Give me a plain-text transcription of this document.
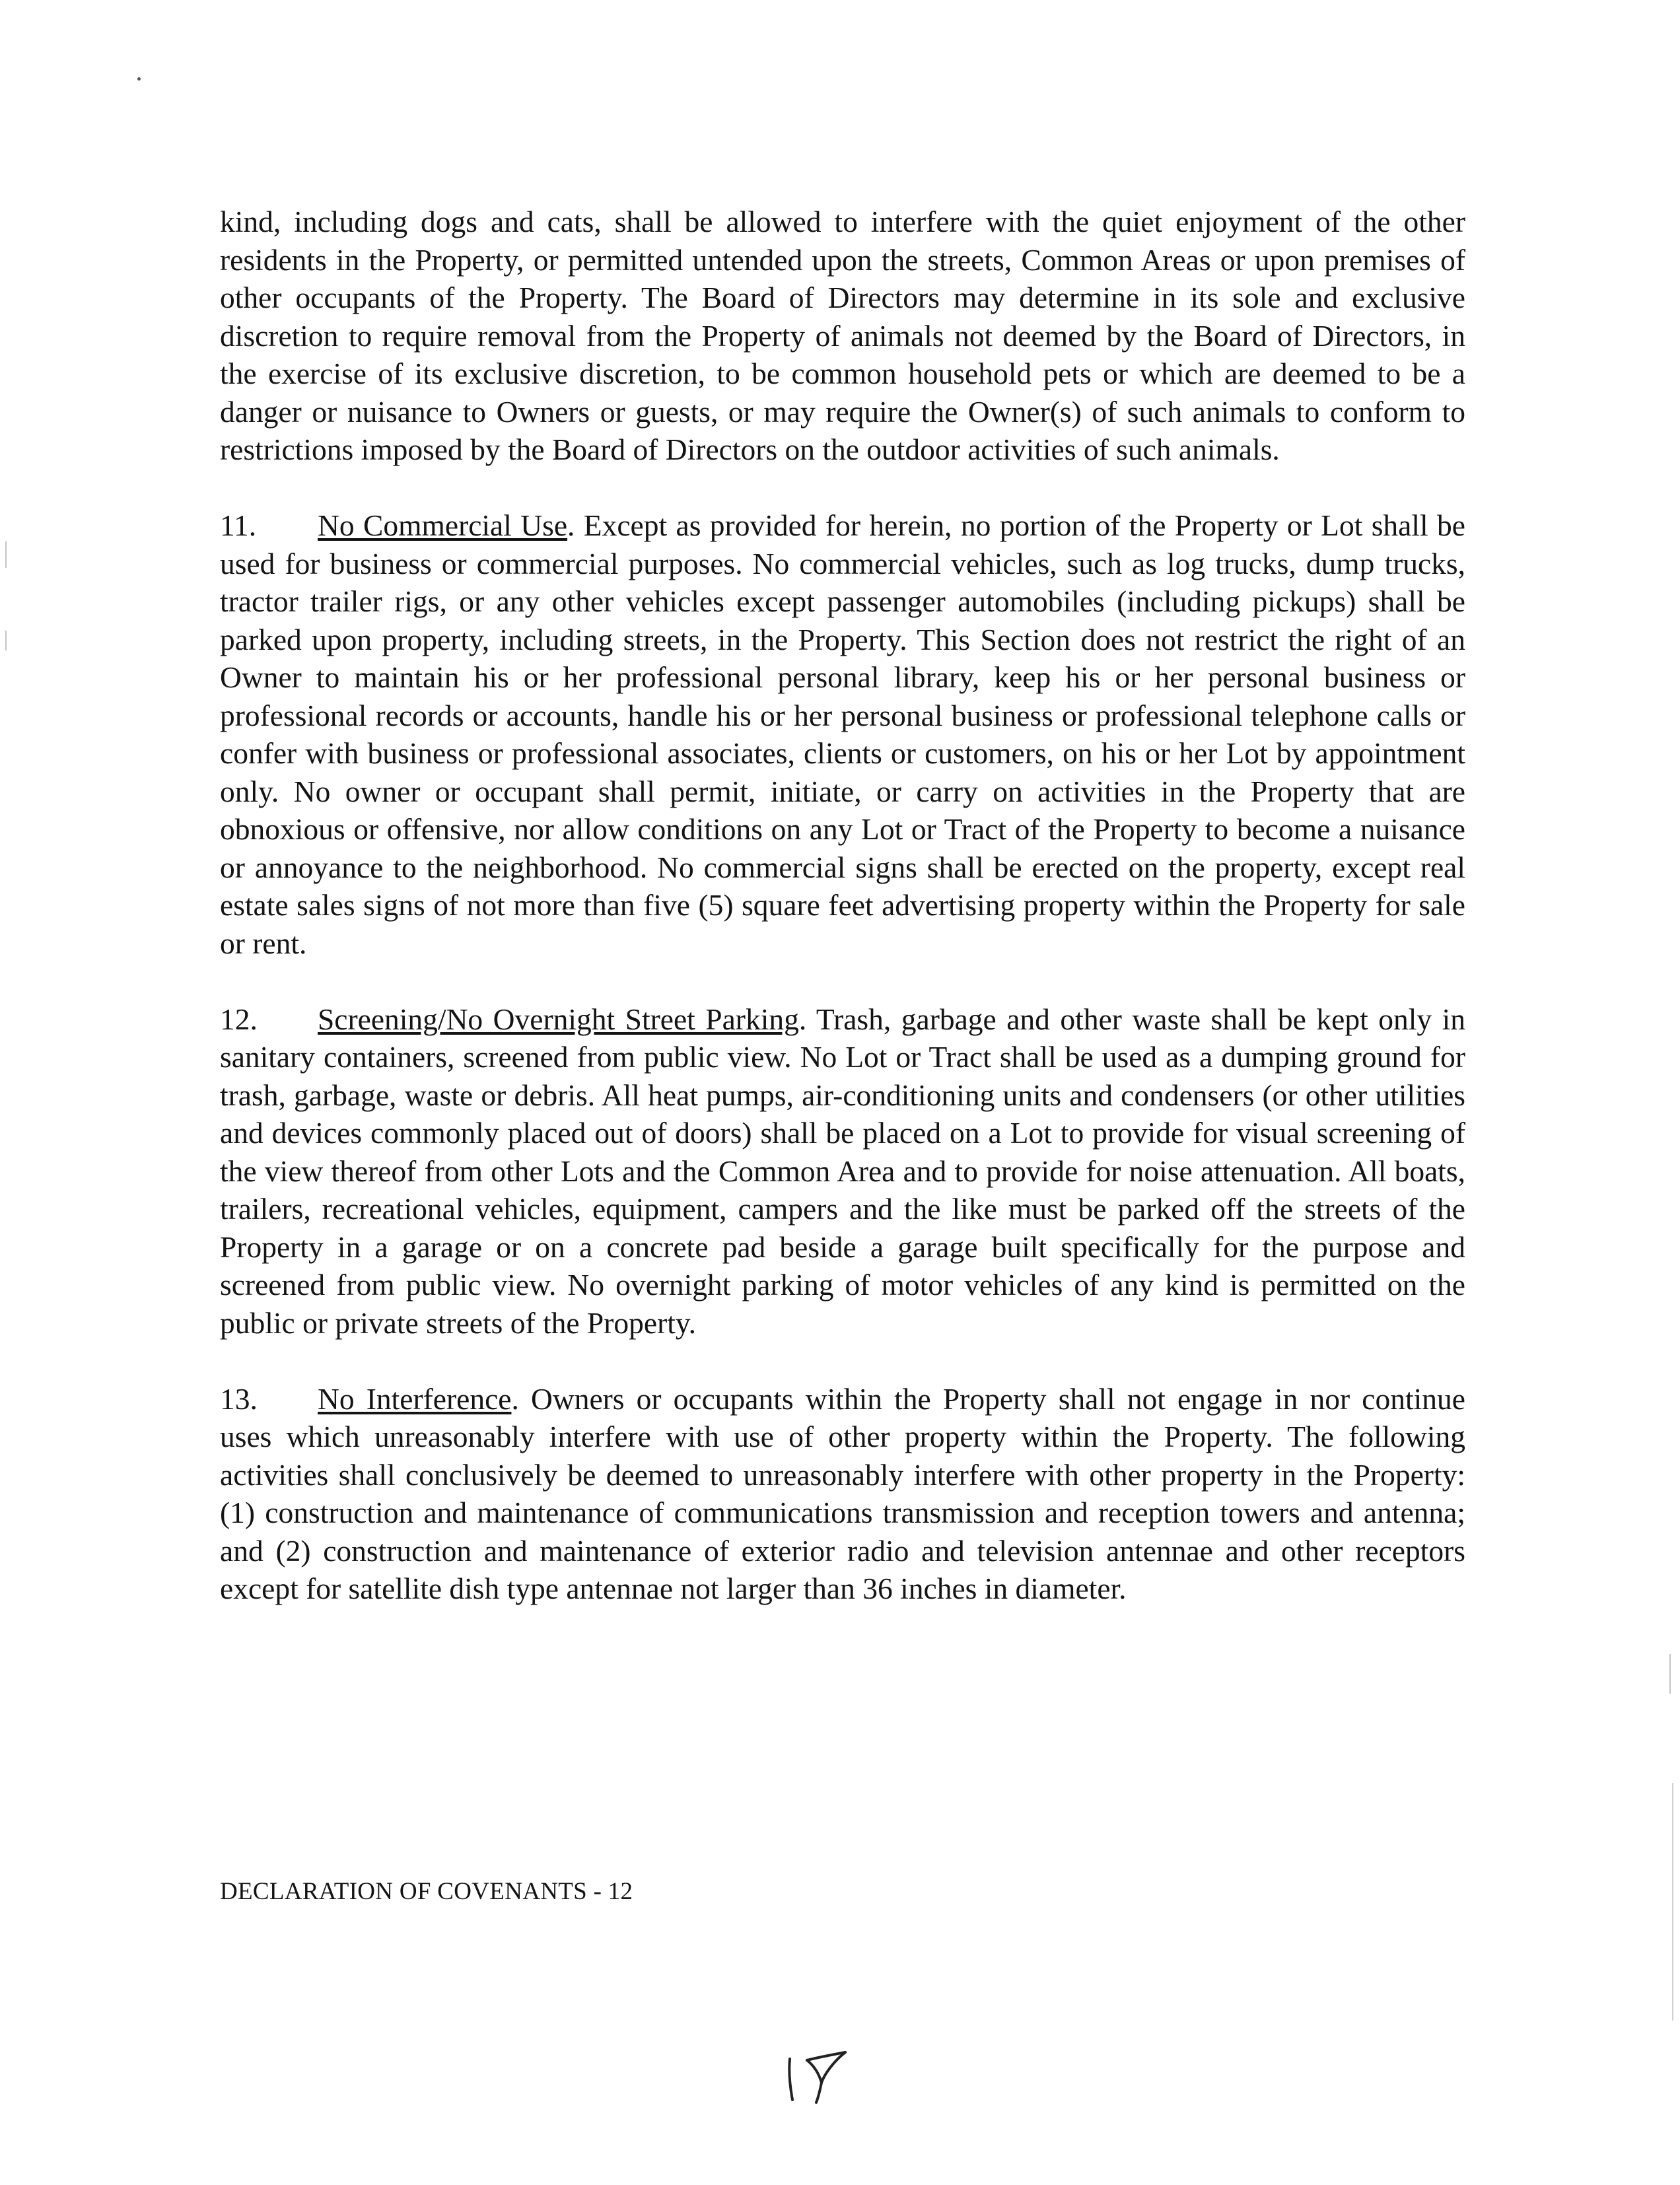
kind, including dogs and cats, shall be allowed to interfere with the quiet enjoyment of the other residents in the Property, or permitted untended upon the streets, Common Areas or upon premises of other occupants of the Property. The Board of Directors may determine in its sole and exclusive discretion to require removal from the Property of animals not deemed by the Board of Directors, in the exercise of its exclusive discretion, to be common household pets or which are deemed to be a danger or nuisance to Owners or guests, or may require the Owner(s) of such animals to conform to restrictions imposed by the Board of Directors on the outdoor activities of such animals.

11. No Commercial Use. Except as provided for herein, no portion of the Property or Lot shall be used for business or commercial purposes. No commercial vehicles, such as log trucks, dump trucks, tractor trailer rigs, or any other vehicles except passenger automobiles (including pickups) shall be parked upon property, including streets, in the Property. This Section does not restrict the right of an Owner to maintain his or her professional personal library, keep his or her personal business or professional records or accounts, handle his or her personal business or professional telephone calls or confer with business or professional associates, clients or customers, on his or her Lot by appointment only. No owner or occupant shall permit, initiate, or carry on activities in the Property that are obnoxious or offensive, nor allow conditions on any Lot or Tract of the Property to become a nuisance or annoyance to the neighborhood. No commercial signs shall be erected on the property, except real estate sales signs of not more than five (5) square feet advertising property within the Property for sale or rent.

12. Screening/No Overnight Street Parking. Trash, garbage and other waste shall be kept only in sanitary containers, screened from public view. No Lot or Tract shall be used as a dumping ground for trash, garbage, waste or debris. All heat pumps, air-conditioning units and condensers (or other utilities and devices commonly placed out of doors) shall be placed on a Lot to provide for visual screening of the view thereof from other Lots and the Common Area and to provide for noise attenuation. All boats, trailers, recreational vehicles, equipment, campers and the like must be parked off the streets of the Property in a garage or on a concrete pad beside a garage built specifically for the purpose and screened from public view. No overnight parking of motor vehicles of any kind is permitted on the public or private streets of the Property.

13. No Interference. Owners or occupants within the Property shall not engage in nor continue uses which unreasonably interfere with use of other property within the Property. The following activities shall conclusively be deemed to unreasonably interfere with other property in the Property: (1) construction and maintenance of communications transmission and reception towers and antenna; and (2) construction and maintenance of exterior radio and television antennae and other receptors except for satellite dish type antennae not larger than 36 inches in diameter.

DECLARATION OF COVENANTS - 12
